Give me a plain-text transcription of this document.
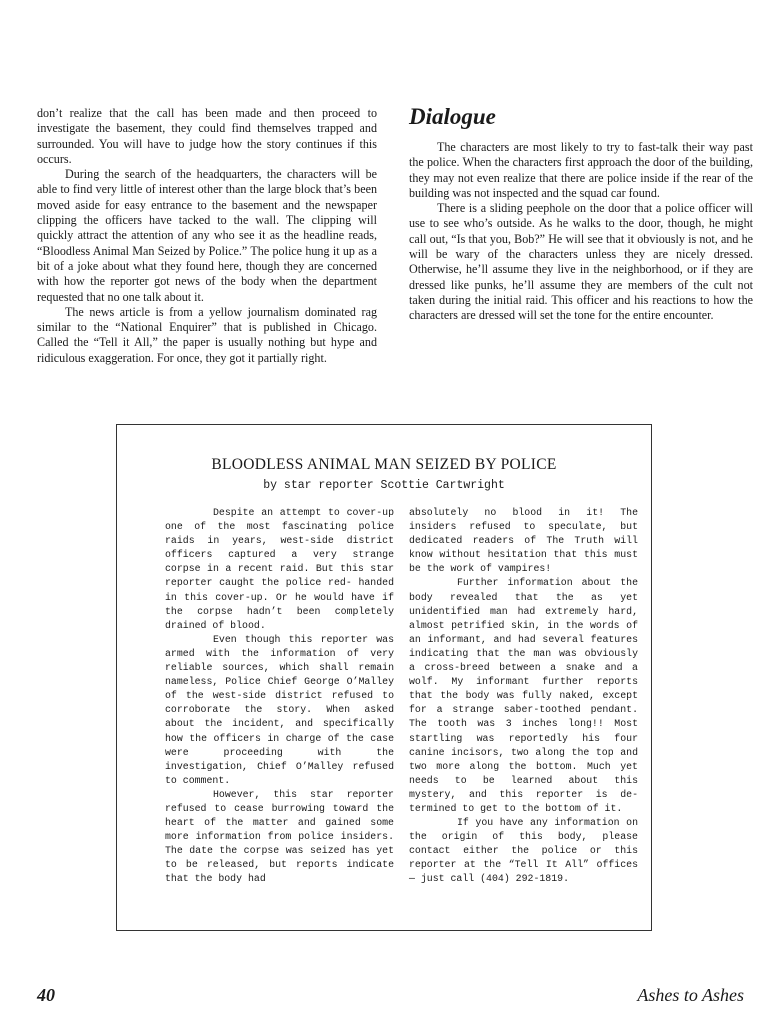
don’t realize that the call has been made and then proceed to investigate the basement, they could find themselves trapped and surrounded. You will have to judge how the story continues if this occurs.

During the search of the headquarters, the characters will be able to find very little of interest other than the large block that’s been moved aside for easy entrance to the basement and the newspaper clipping the officers have tacked to the wall. The clipping will quickly attract the attention of any who see it as the headline reads, “Bloodless Animal Man Seized by Police.” The police hung it up as a bit of a joke about what they found here, though they are concerned with how the reporter got news of the body when the department requested that no one talk about it.

The news article is from a yellow journalism dominated rag similar to the “National Enquirer” that is published in Chicago. Called the “Tell it All,” the paper is usually nothing but hype and ridiculous exaggeration. For once, they got it partially right.

Dialogue

The characters are most likely to try to fast-talk their way past the police. When the characters first approach the door of the building, they may not even realize that there are police inside if the rear of the building was not inspected and the squad car found.

There is a sliding peephole on the door that a police officer will use to see who’s outside. As he walks to the door, though, he might call out, “Is that you, Bob?” He will see that it obviously is not, and he will be wary of the characters unless they are nicely dressed. Otherwise, he’ll assume they live in the neighborhood, or if they are dressed like punks, he’ll assume they are members of the cult not taken during the initial raid. This officer and his reactions to how the characters are dressed will set the tone for the entire encounter.

BLOODLESS ANIMAL MAN SEIZED BY POLICE
by star reporter Scottie Cartwright

Despite an attempt to cover-up one of the most fascinating police raids in years, west-side district officers captured a very strange corpse in a recent raid. But this star reporter caught the police red- handed in this cover-up. Or he would have if the corpse hadn’t been completely drained of blood.

Even though this reporter was armed with the information of very reliable sources, which shall remain nameless, Police Chief George O’Malley of the west-side district refused to corroborate the story. When asked about the incident, and specifically how the officers in charge of the case were proceeding with the investigation, Chief O’Malley refused to comment.

However, this star reporter refused to cease burrowing toward the heart of the matter and gained some more information from police insiders. The date the corpse was seized has yet to be released, but reports indicate that the body had

absolutely no blood in it! The insiders refused to speculate, but dedicated readers of The Truth will know without hesitation that this must be the work of vampires!

Further information about the body revealed that the as yet unidentified man had extremely hard, almost petrified skin, in the words of an informant, and had several features indicating that the man was obviously a cross-breed between a snake and a wolf. My informant further reports that the body was fully naked, except for a strange saber-toothed pendant. The tooth was 3 inches long!! Most startling was reportedly his four canine incisors, two along the top and two more along the bottom. Much yet needs to be learned about this mystery, and this reporter is de-termined to get to the bottom of it.

If you have any information on the origin of this body, please contact either the police or this reporter at the “Tell It All” offices — just call (404) 292-1819.

40	Ashes to Ashes
